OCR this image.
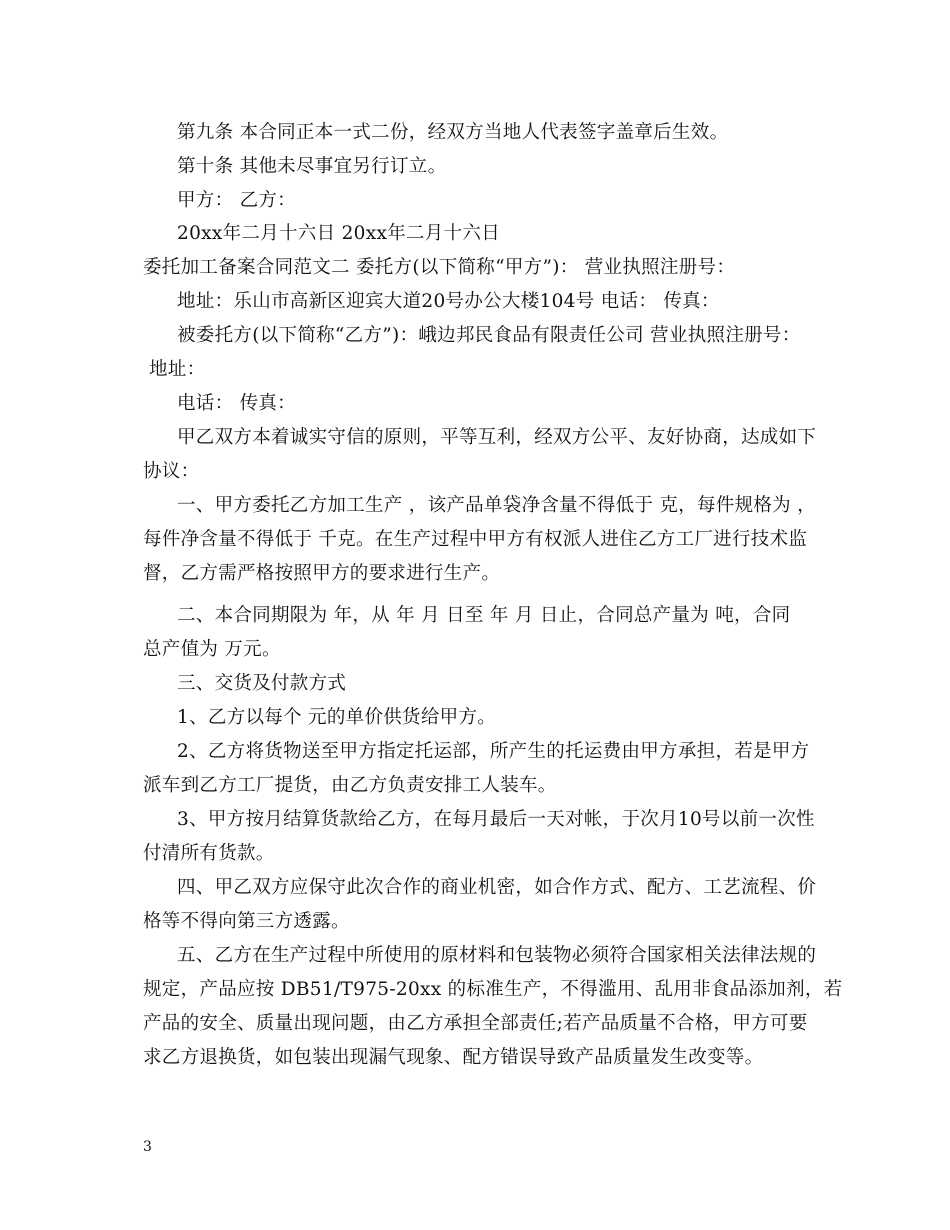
第九条 本合同正本一式二份，经双方当地人代表签字盖章后生效。
第十条 其他未尽事宜另行订立。
甲方： 乙方：
20xx年二月十六日 20xx年二月十六日
委托加工备案合同范文二 委托方(以下简称“甲方”)： 营业执照注册号：
地址：乐山市高新区迎宾大道20号办公大楼104号 电话： 传真：
被委托方(以下简称“乙方”)：峨边邦民食品有限责任公司 营业执照注册号：
地址：
电话： 传真：
甲乙双方本着诚实守信的原则，平等互利，经双方公平、友好协商，达成如下
协议：
一、甲方委托乙方加工生产 ，该产品单袋净含量不得低于 克，每件规格为 ，
每件净含量不得低于 千克。在生产过程中甲方有权派人进住乙方工厂进行技术监
督，乙方需严格按照甲方的要求进行生产。
二、本合同期限为 年，从 年 月 日至 年 月 日止，合同总产量为 吨，合同
总产值为 万元。
三、交货及付款方式
1、乙方以每个 元的单价供货给甲方。
2、乙方将货物送至甲方指定托运部，所产生的托运费由甲方承担，若是甲方
派车到乙方工厂提货，由乙方负责安排工人装车。
3、甲方按月结算货款给乙方，在每月最后一天对帐，于次月10号以前一次性
付清所有货款。
四、甲乙双方应保守此次合作的商业机密，如合作方式、配方、工艺流程、价
格等不得向第三方透露。
五、乙方在生产过程中所使用的原材料和包装物必须符合国家相关法律法规的
规定，产品应按 DB51/T975-20xx 的标准生产，不得滥用、乱用非食品添加剂，若
产品的安全、质量出现问题，由乙方承担全部责任;若产品质量不合格，甲方可要
求乙方退换货，如包装出现漏气现象、配方错误导致产品质量发生改变等。
3
